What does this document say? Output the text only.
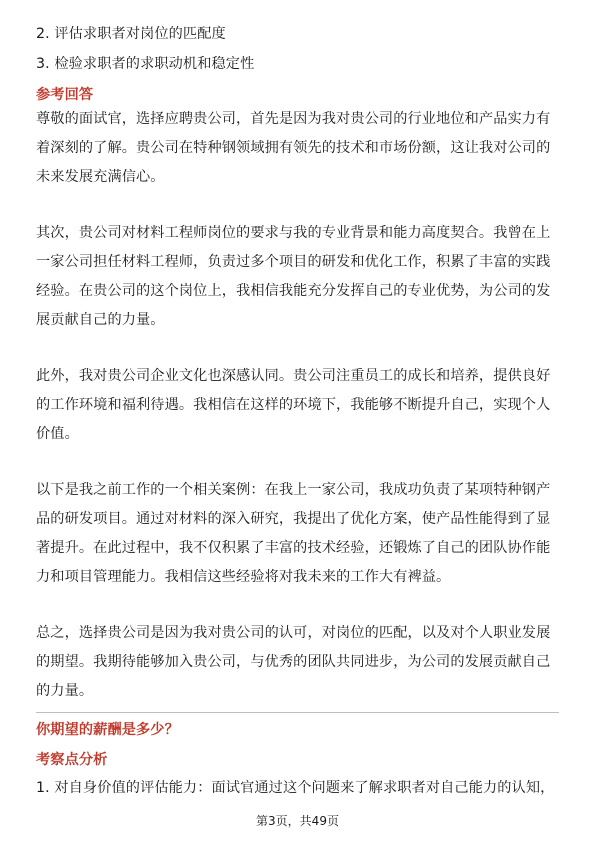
2. 评估求职者对岗位的匹配度
3. 检验求职者的求职动机和稳定性
参考回答
尊敬的面试官，选择应聘贵公司，首先是因为我对贵公司的行业地位和产品实力有
着深刻的了解。贵公司在特种钢领域拥有领先的技术和市场份额，这让我对公司的
未来发展充满信心。
其次，贵公司对材料工程师岗位的要求与我的专业背景和能力高度契合。我曾在上
一家公司担任材料工程师，负责过多个项目的研发和优化工作，积累了丰富的实践
经验。在贵公司的这个岗位上，我相信我能充分发挥自己的专业优势，为公司的发
展贡献自己的力量。
此外，我对贵公司企业文化也深感认同。贵公司注重员工的成长和培养，提供良好
的工作环境和福利待遇。我相信在这样的环境下，我能够不断提升自己，实现个人
价值。
以下是我之前工作的一个相关案例：在我上一家公司，我成功负责了某项特种钢产
品的研发项目。通过对材料的深入研究，我提出了优化方案，使产品性能得到了显
著提升。在此过程中，我不仅积累了丰富的技术经验，还锻炼了自己的团队协作能
力和项目管理能力。我相信这些经验将对我未来的工作大有裨益。
总之，选择贵公司是因为我对贵公司的认可，对岗位的匹配，以及对个人职业发展
的期望。我期待能够加入贵公司，与优秀的团队共同进步，为公司的发展贡献自己
的力量。
你期望的薪酬是多少？
考察点分析
1. 对自身价值的评估能力：面试官通过这个问题来了解求职者对自己能力的认知，
第3页，共49页
